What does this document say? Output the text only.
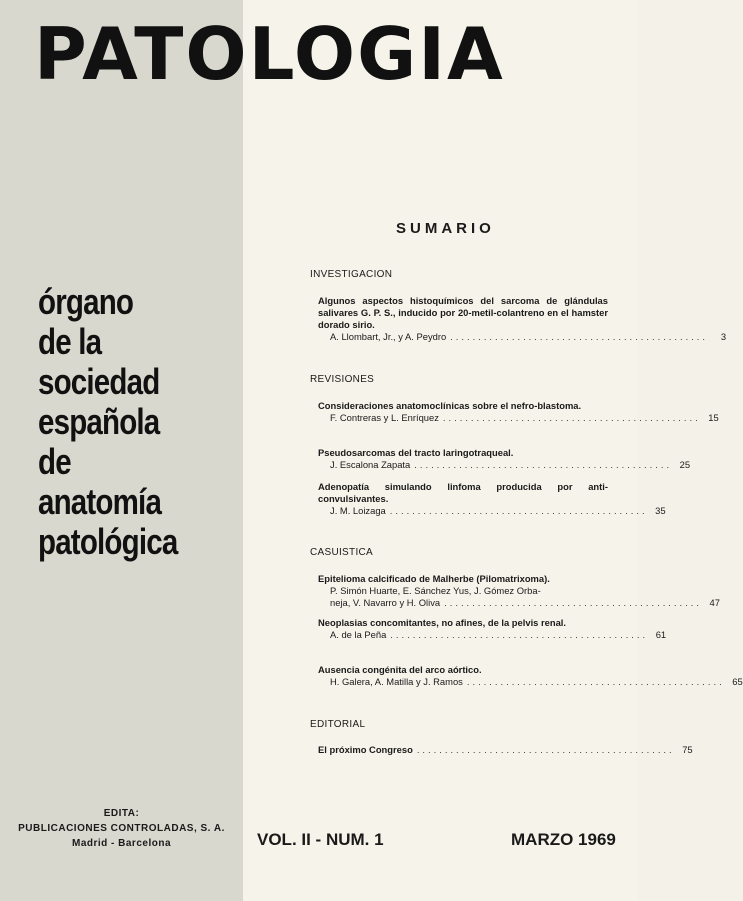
PATOLOGIA
órgano
de la
sociedad
española
de
anatomía
patológica
EDITA:
PUBLICACIONES CONTROLADAS, S. A.
Madrid - Barcelona	VOL. II - NUM. 1	MARZO 1969
SUMARIO
INVESTIGACION
Algunos aspectos histoquímicos del sarcoma de glándulas salivares G. P. S., inducido por 20-metil-colantreno en el hamster dorado sirio.
A. Llombart, Jr., y A. Peydro ..............................................	3
REVISIONES
Consideraciones anatomoclínicas sobre el nefro-blastoma.
F. Contreras y L. Enríquez .............................................. 15
Pseudosarcomas del tracto laringotraqueal.
J. Escalona Zapata .............................................. 25
Adenopatía simulando linfoma producida por anti-convulsivantes.
J. M. Loizaga .............................................. 35
CASUISTICA
Epitelioma calcificado de Malherbe (Pilomatrixoma).
P. Simón Huarte, E. Sánchez Yus, J. Gómez Orba-
neja, V. Navarro y H. Oliva .............................................. 47
Neoplasias concomitantes, no afines, de la pelvis renal.
A. de la Peña .............................................. 61
Ausencia congénita del arco aórtico.
H. Galera, A. Matilla y J. Ramos .............................................. 65
EDITORIAL
El próximo Congreso .............................................. 75
